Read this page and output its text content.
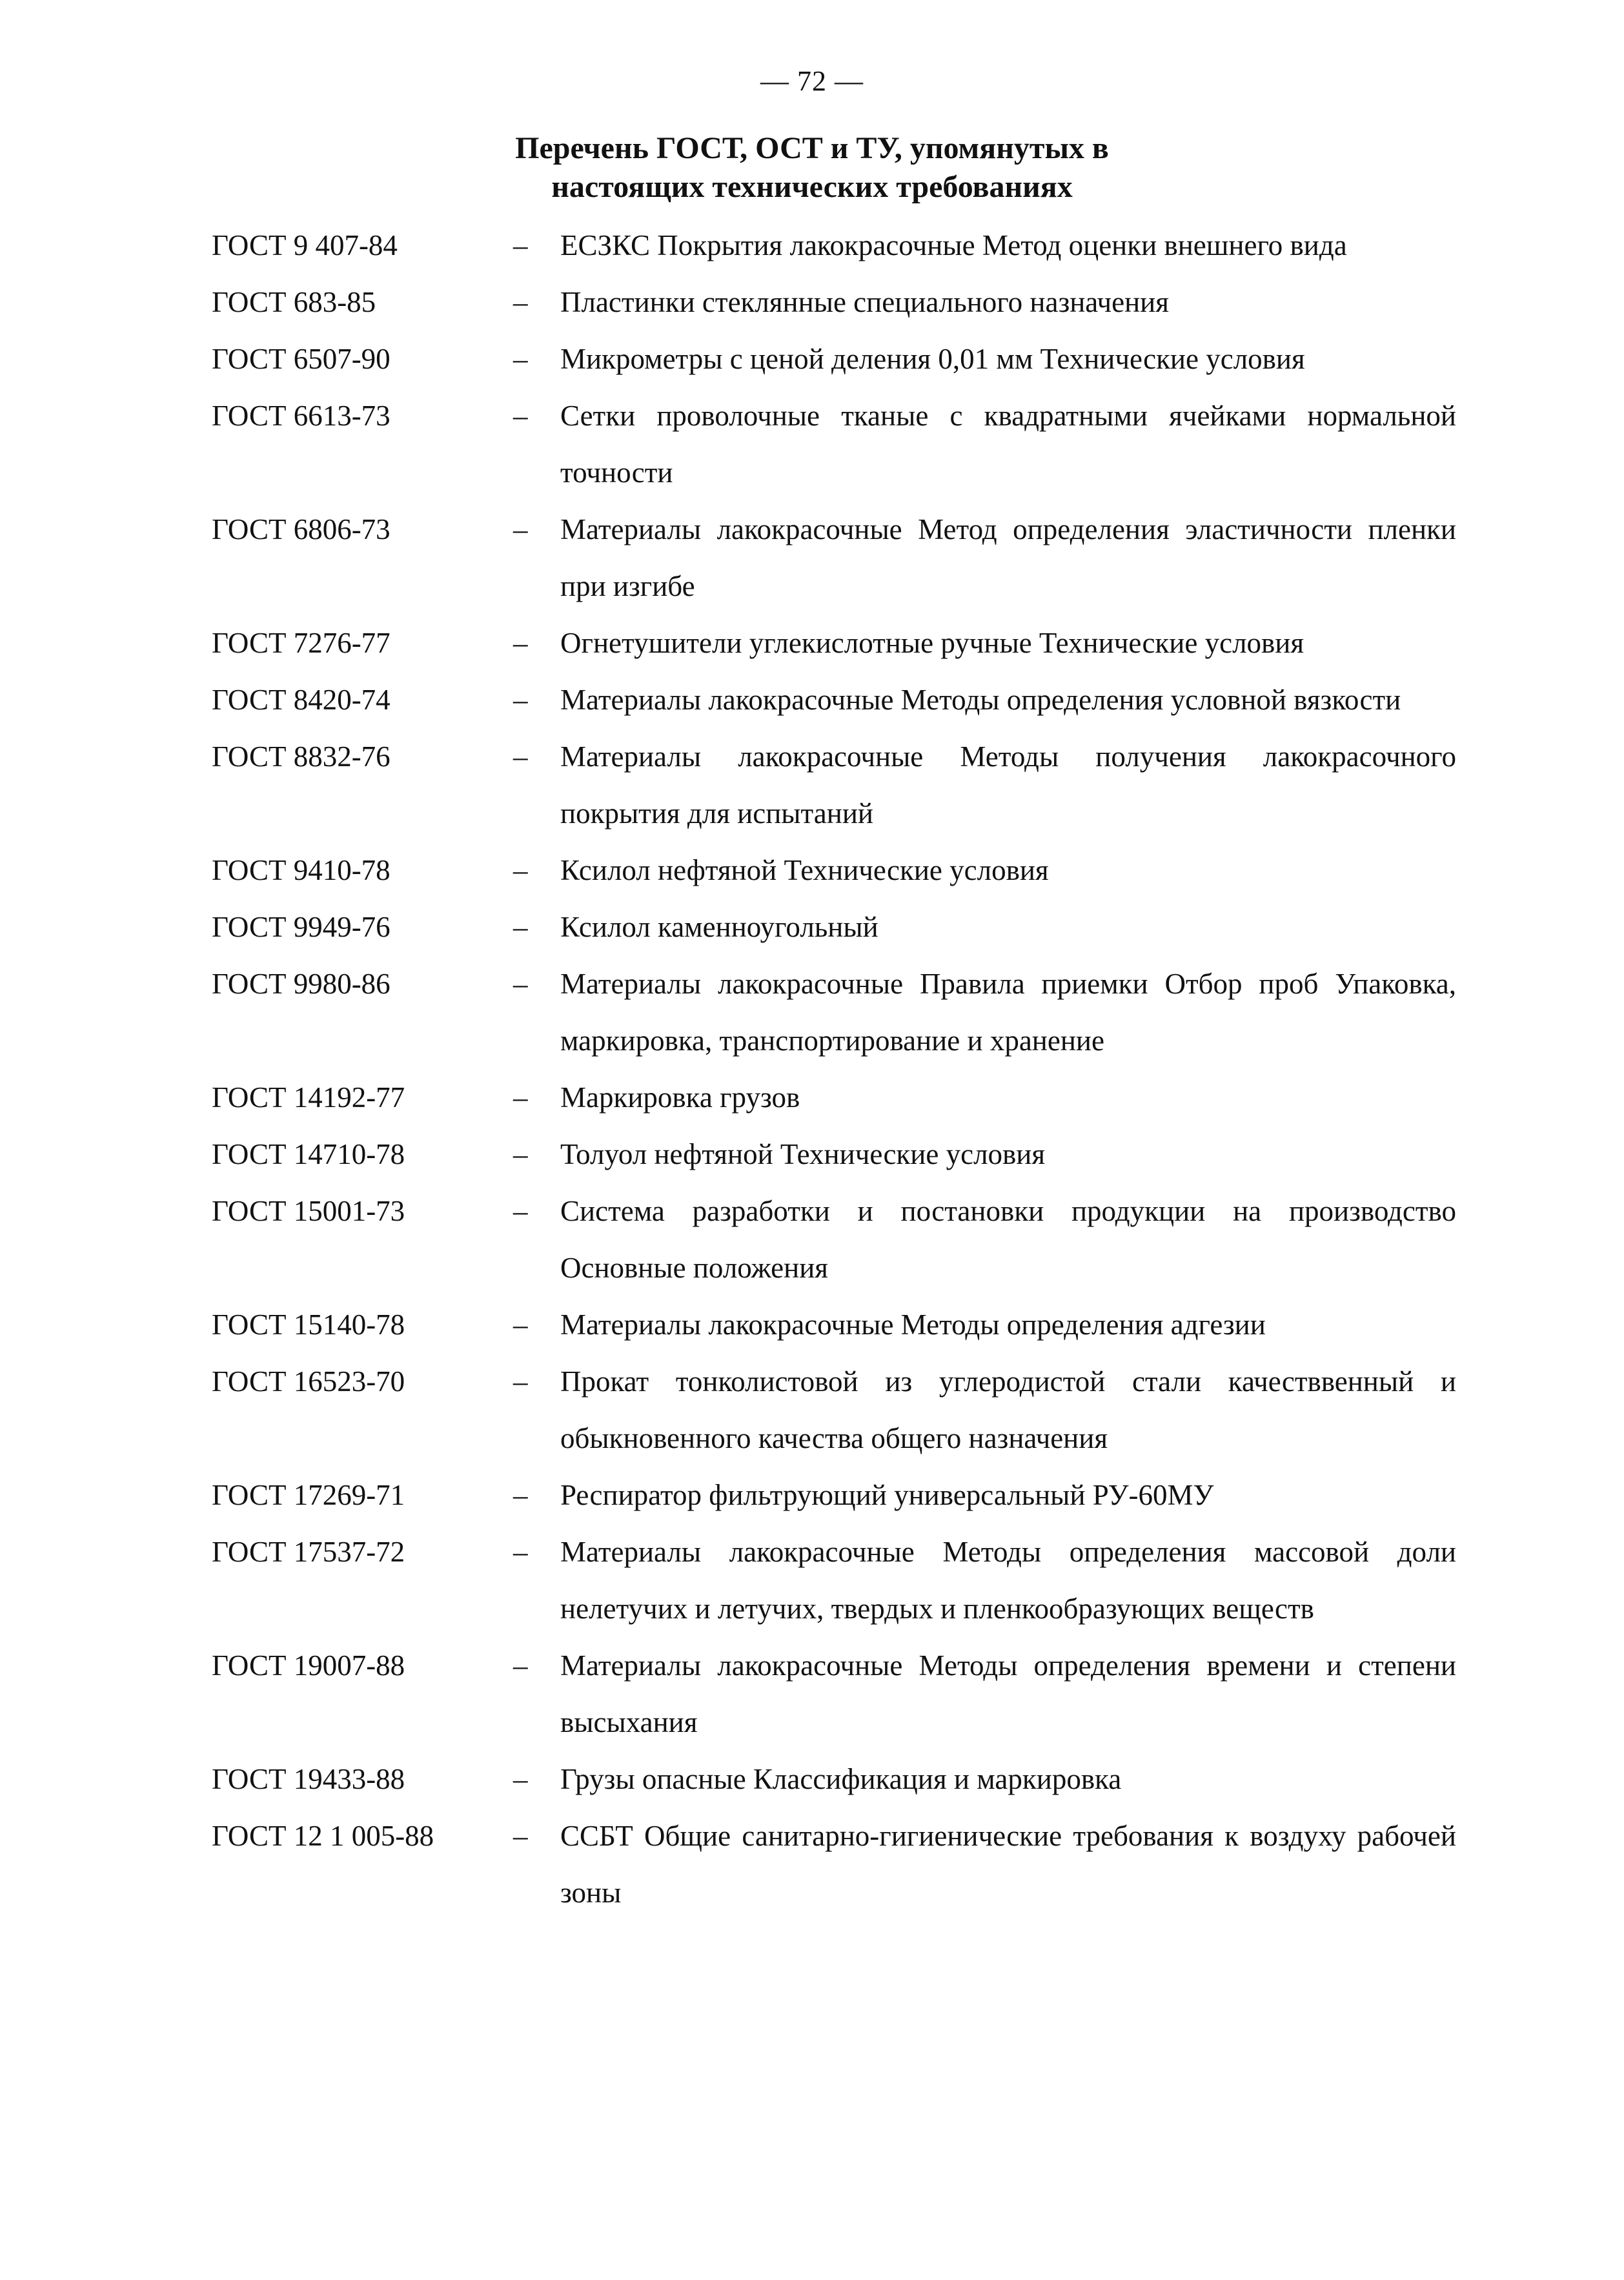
— 72 —
Перечень ГОСТ, ОСТ и ТУ, упомянутых в
настоящих технических требованиях
ГОСТ 9 407-84	– ЕСЗКС Покрытия лакокрасочные Метод оценки внешнего вида
ГОСТ 683-85	– Пластинки стеклянные специального назначения
ГОСТ 6507-90	– Микрометры с ценой деления 0,01 мм Технические условия
ГОСТ 6613-73	– Сетки проволочные тканые с квадратными ячейками нормальной точности
ГОСТ 6806-73	– Материалы лакокрасочные Метод определения эластичности пленки при изгибе
ГОСТ 7276-77	– Огнетушители углекислотные ручные Технические условия
ГОСТ 8420-74	– Материалы лакокрасочные Методы определения условной вязкости
ГОСТ 8832-76	– Материалы лакокрасочные Методы получения лакокрасочного покрытия для испытаний
ГОСТ 9410-78	– Ксилол нефтяной Технические условия
ГОСТ 9949-76	– Ксилол каменноугольный
ГОСТ 9980-86	– Материалы лакокрасочные Правила приемки Отбор проб Упаковка, маркировка, транспортирование и хранение
ГОСТ 14192-77	– Маркировка грузов
ГОСТ 14710-78	– Толуол нефтяной Технические условия
ГОСТ 15001-73	– Система разработки и постановки продукции на производство Основные положения
ГОСТ 15140-78	– Материалы лакокрасочные Методы определения адгезии
ГОСТ 16523-70	– Прокат тонколистовой из углеродистой стали качестввенный и обыкновенного качества общего назначения
ГОСТ 17269-71	– Респиратор фильтрующий универсальный РУ-60МУ
ГОСТ 17537-72	– Материалы лакокрасочные Методы определения массовой доли нелетучих и летучих, твердых и пленкообразующих веществ
ГОСТ 19007-88	– Материалы лакокрасочные Методы определения времени и степени высыхания
ГОСТ 19433-88	– Грузы опасные Классификация и маркировка
ГОСТ 12 1 005-88	– ССБТ Общие санитарно-гигиенические требования к воздуху рабочей зоны
